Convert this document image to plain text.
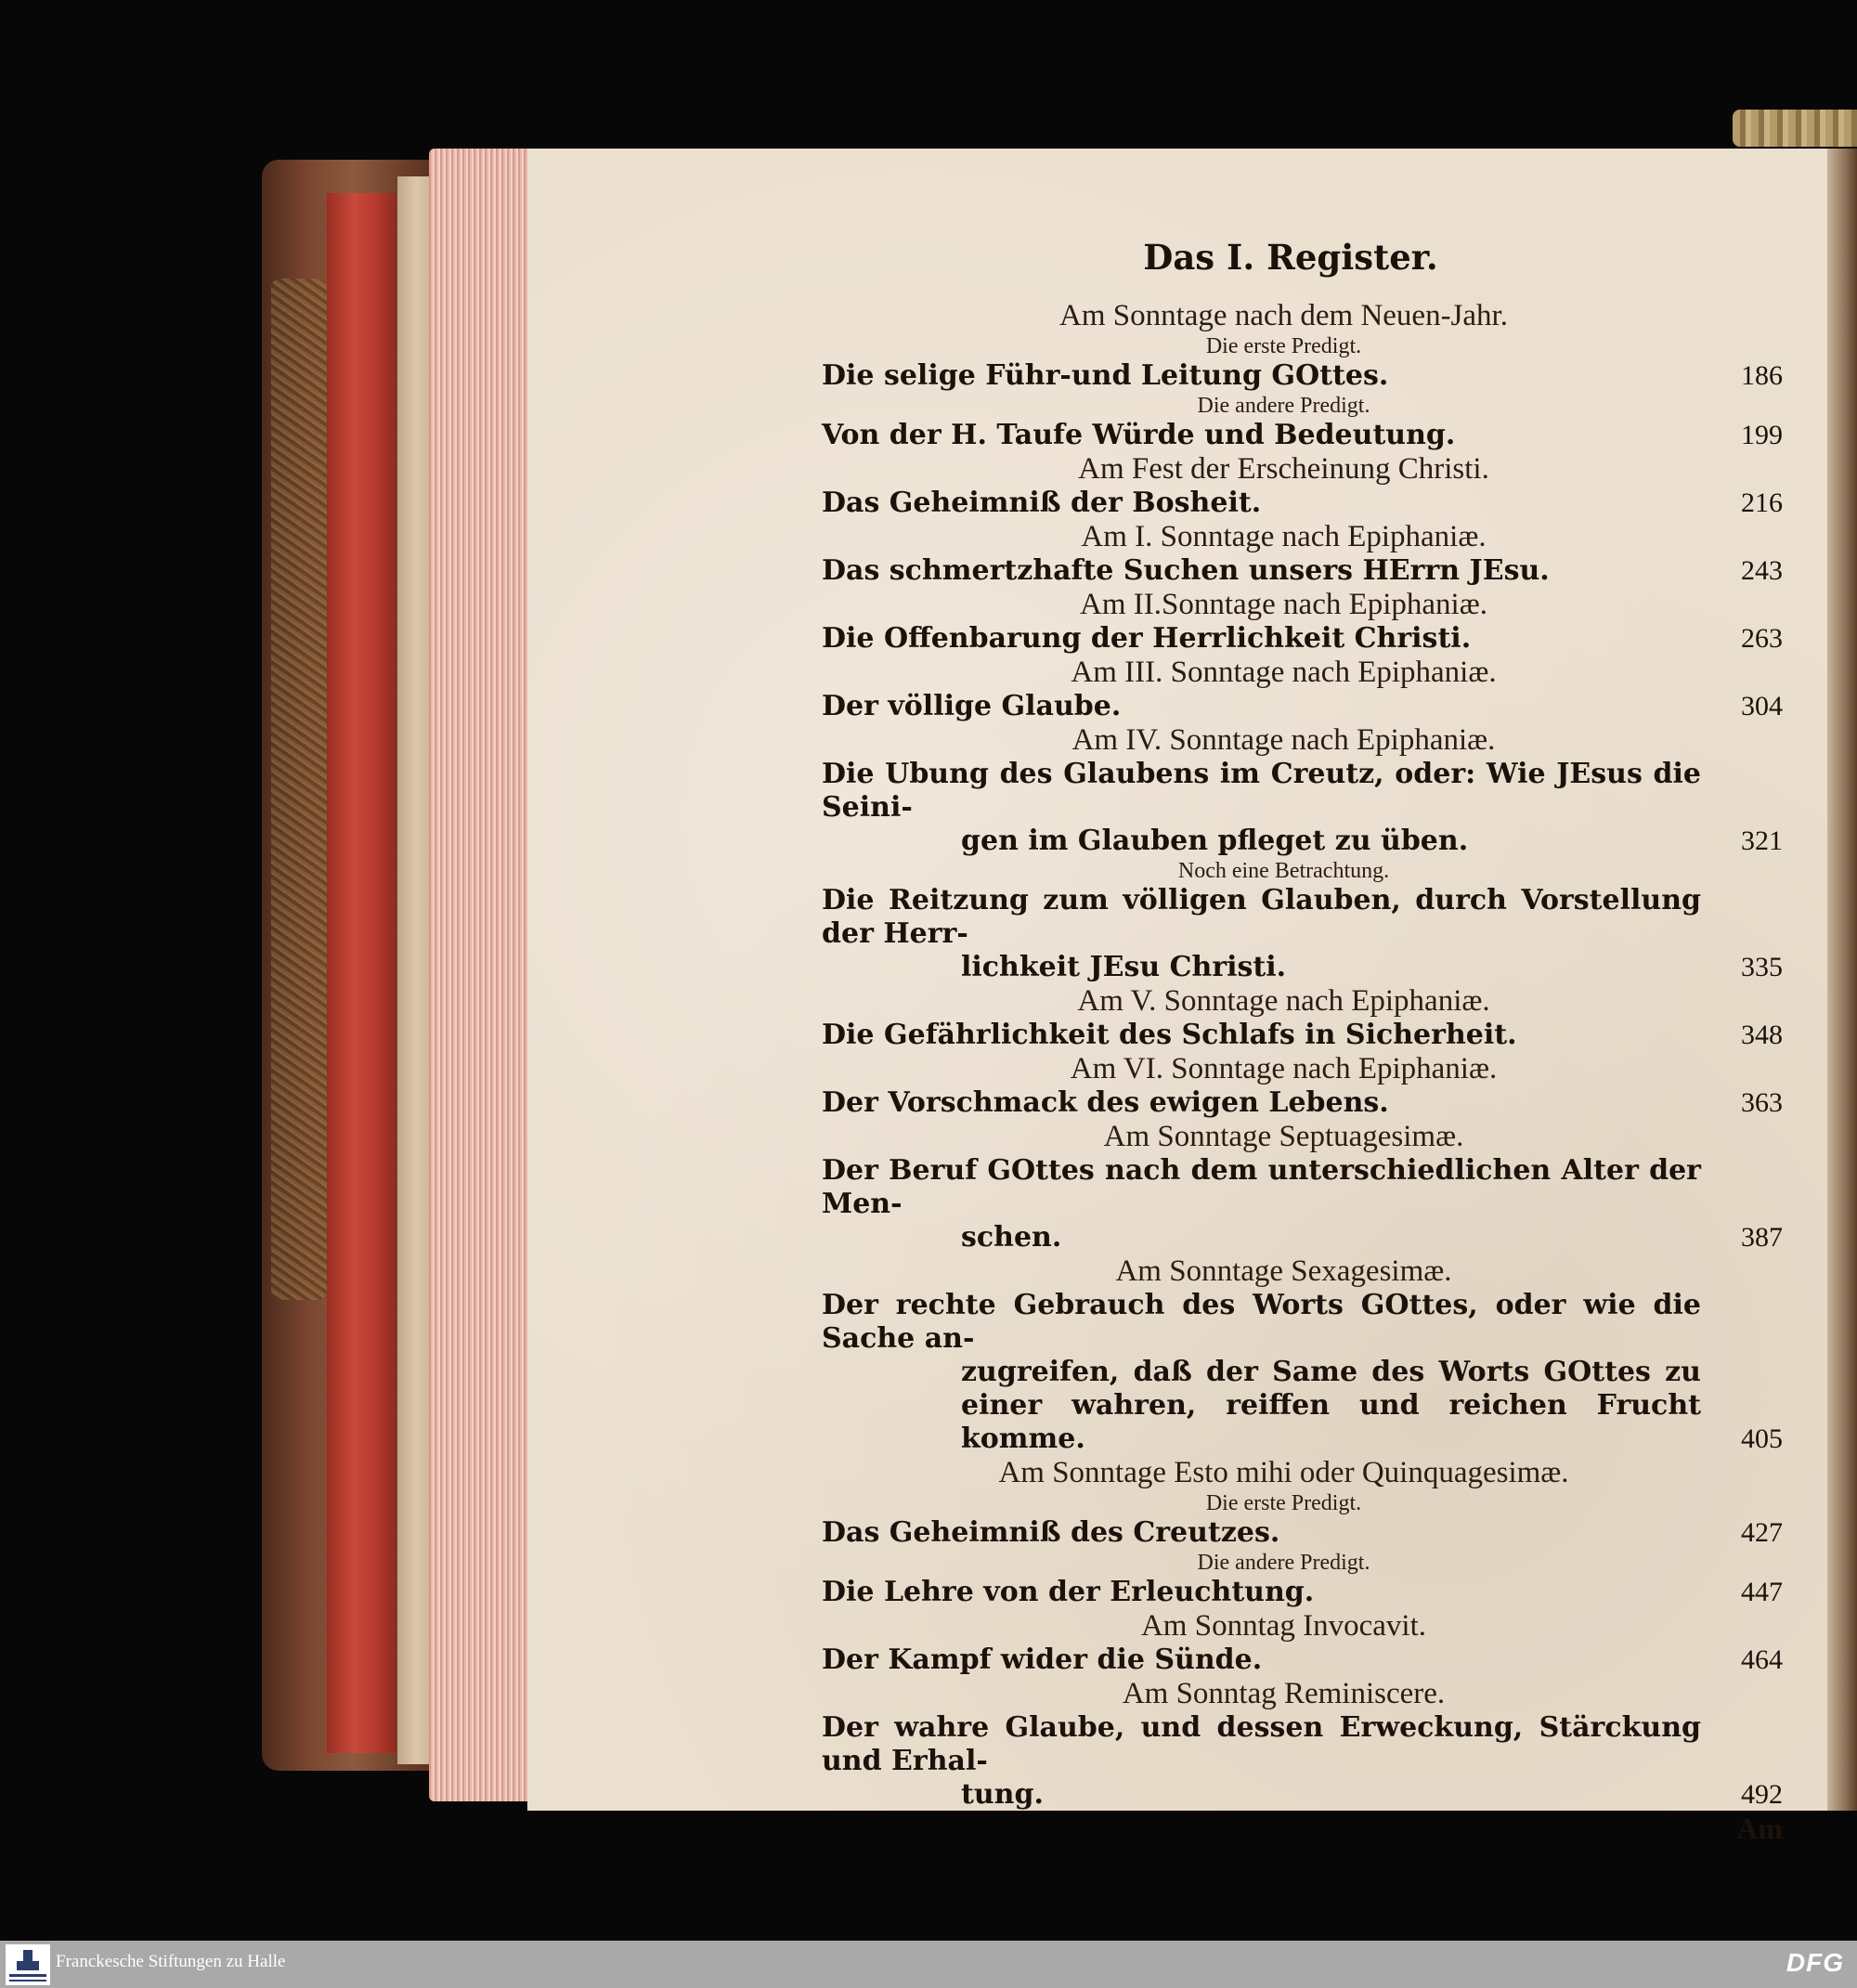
Das I. Register.
Am Sonntage nach dem Neuen-Jahr.
Die erste Predigt.
Die selige Führ-und Leitung GOttes.	186
Die andere Predigt.
Von der H. Taufe Würde und Bedeutung.	199
Am Fest der Erscheinung Christi.
Das Geheimniß der Bosheit.	216
Am I. Sonntage nach Epiphaniæ.
Das schmertzhafte Suchen unsers HErrn JEsu.	243
Am II.Sonntage nach Epiphaniæ.
Die Offenbarung der Herrlichkeit Christi.	263
Am III. Sonntage nach Epiphaniæ.
Der völlige Glaube.	304
Am IV. Sonntage nach Epiphaniæ.
Die Ubung des Glaubens im Creutz, oder: Wie JEsus die Seini-
gen im Glauben pfleget zu üben.	321
Noch eine Betrachtung.
Die Reitzung zum völligen Glauben, durch Vorstellung der Herr-
lichkeit JEsu Christi.	335
Am V. Sonntage nach Epiphaniæ.
Die Gefährlichkeit des Schlafs in Sicherheit.	348
Am VI. Sonntage nach Epiphaniæ.
Der Vorschmack des ewigen Lebens.	363
Am Sonntage Septuagesimæ.
Der Beruf GOttes nach dem unterschiedlichen Alter der Men-
schen.	387
Am Sonntage Sexagesimæ.
Der rechte Gebrauch des Worts GOttes, oder wie die Sache an-
zugreifen, daß der Same des Worts GOttes zu einer wahren, reiffen und reichen Frucht komme.	405
Am Sonntage Esto mihi oder Quinquagesimæ.
Die erste Predigt.
Das Geheimniß des Creutzes.	427
Die andere Predigt.
Die Lehre von der Erleuchtung.	447
Am Sonntag Invocavit.
Der Kampf wider die Sünde.	464
Am Sonntag Reminiscere.
Der wahre Glaube, und dessen Erweckung, Stärckung und Erhal-
tung.	492
Am
Franckesche Stiftungen zu Halle	DFG
